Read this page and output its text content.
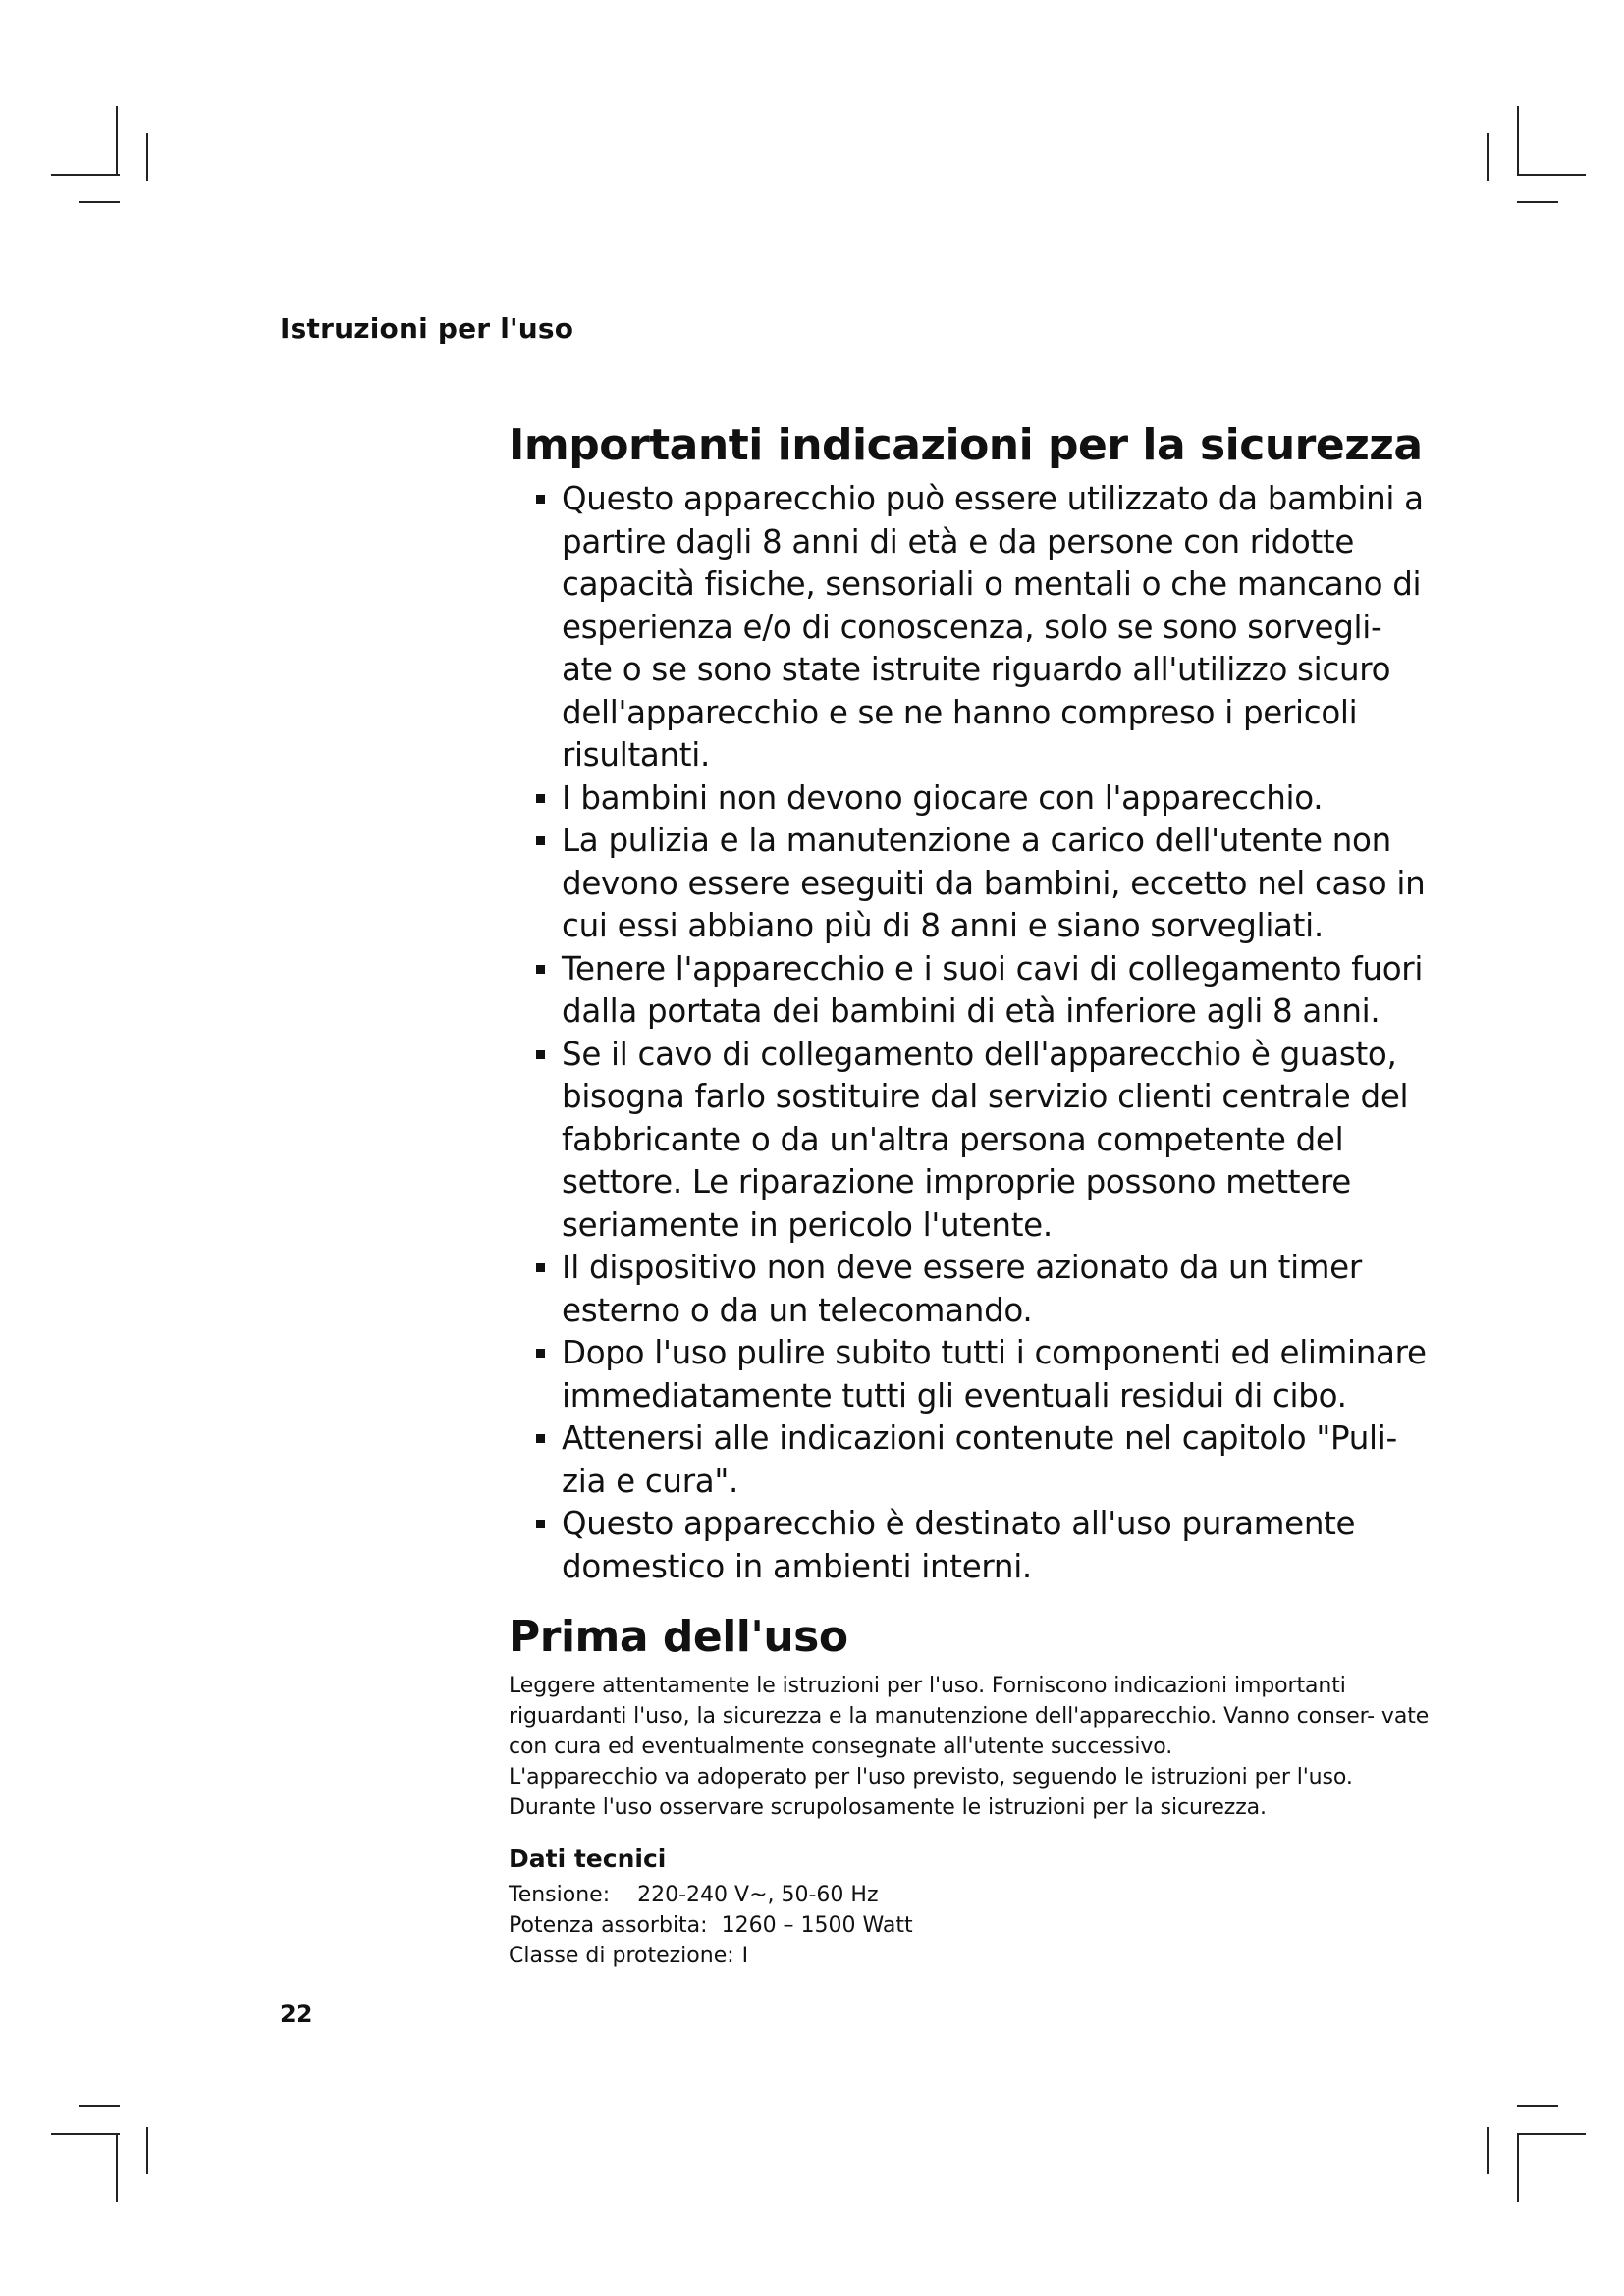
Istruzioni per l'uso
Importanti indicazioni per la sicurezza
Questo apparecchio può essere utilizzato da bambini a partire dagli 8 anni di età e da persone con ridotte capacità fisiche, sensoriali o mentali o che mancano di esperienza e/o di conoscenza, solo se sono sorvegli- ate o se sono state istruite riguardo all'utilizzo sicuro dell'apparecchio e se ne hanno compreso i pericoli risultanti.
I bambini non devono giocare con l'apparecchio.
La pulizia e la manutenzione a carico dell'utente non devono essere eseguiti da bambini, eccetto nel caso in cui essi abbiano più di 8 anni e siano sorvegliati.
Tenere l'apparecchio e i suoi cavi di collegamento fuori dalla portata dei bambini di età inferiore agli 8 anni.
Se il cavo di collegamento dell'apparecchio è guasto, bisogna farlo sostituire dal servizio clienti centrale del fabbricante o da un'altra persona competente del settore. Le riparazione improprie possono mettere seriamente in pericolo l'utente.
Il dispositivo non deve essere azionato da un timer esterno o da un telecomando.
Dopo l'uso pulire subito tutti i componenti ed eliminare immediatamente tutti gli eventuali residui di cibo.
Attenersi alle indicazioni contenute nel capitolo "Puli- zia e cura".
Questo apparecchio è destinato all'uso puramente domestico in ambienti interni.
Prima dell'uso
Leggere attentamente le istruzioni per l'uso. Forniscono indicazioni importanti riguardanti l'uso, la sicurezza e la manutenzione dell'apparecchio. Vanno conser- vate con cura ed eventualmente consegnate all'utente successivo.
L'apparecchio va adoperato per l'uso previsto, seguendo le istruzioni per l'uso.
Durante l'uso osservare scrupolosamente le istruzioni per la sicurezza.
Dati tecnici
Tensione: 220-240 V~, 50-60 Hz
Potenza assorbita: 1260 – 1500 Watt
Classe di protezione: I
22
